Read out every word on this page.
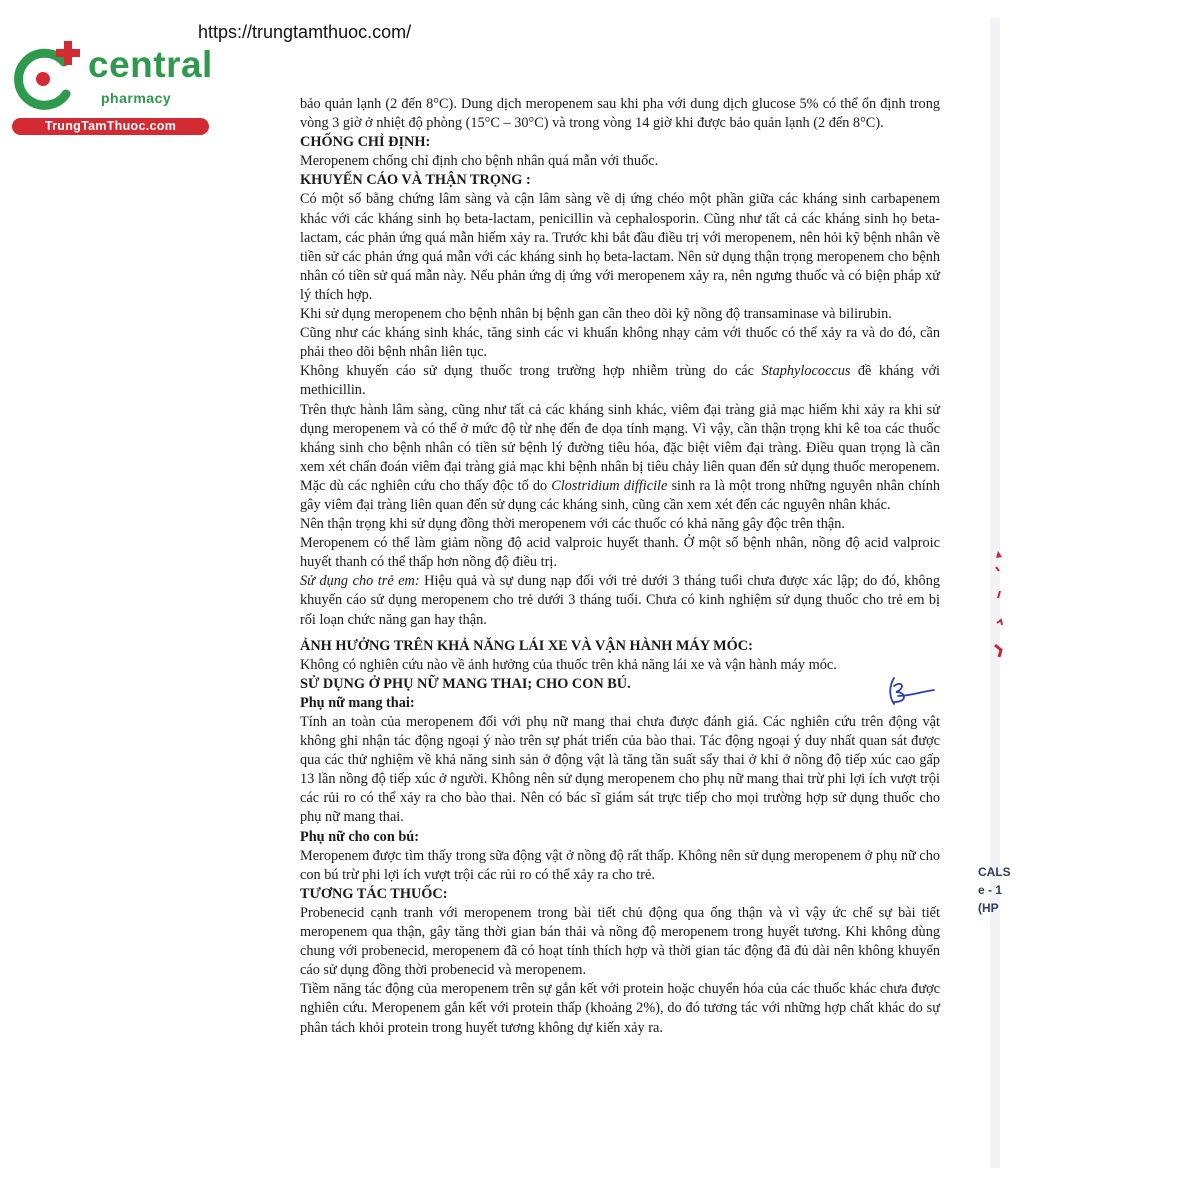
https://trungtamthuoc.com/
central
pharmacy
TrungTamThuoc.com
CALS
e - 1
(HP

bảo quản lạnh (2 đến 8°C). Dung dịch meropenem sau khi pha với dung dịch glucose 5% có thể ổn định trong vòng 3 giờ ở nhiệt độ phòng (15°C – 30°C) và trong vòng 14 giờ khi được bảo quản lạnh (2 đến 8°C).

CHỐNG CHỈ ĐỊNH:

Meropenem chống chỉ định cho bệnh nhân quá mẫn với thuốc.

KHUYẾN CÁO VÀ THẬN TRỌNG :

Có một số bằng chứng lâm sàng và cận lâm sàng về dị ứng chéo một phần giữa các kháng sinh carbapenem khác với các kháng sinh họ beta-lactam, penicillin và cephalosporin. Cũng như tất cả các kháng sinh họ beta-lactam, các phản ứng quá mẫn hiếm xảy ra. Trước khi bắt đầu điều trị với meropenem, nên hỏi kỹ bệnh nhân về tiền sử các phản ứng quá mẫn với các kháng sinh họ beta-lactam. Nên sử dụng thận trọng meropenem cho bệnh nhân có tiền sử quá mẫn này. Nếu phản ứng dị ứng với meropenem xảy ra, nên ngưng thuốc và có biện pháp xử lý thích hợp.

Khi sử dụng meropenem cho bệnh nhân bị bệnh gan cần theo dõi kỹ nồng độ transaminase và bilirubin.

Cũng như các kháng sinh khác, tăng sinh các vi khuẩn không nhạy cảm với thuốc có thể xảy ra và do đó, cần phải theo dõi bệnh nhân liên tục.

Không khuyến cáo sử dụng thuốc trong trường hợp nhiễm trùng do các Staphylococcus đề kháng với methicillin.

Trên thực hành lâm sàng, cũng như tất cả các kháng sinh khác, viêm đại tràng giả mạc hiếm khi xảy ra khi sử dụng meropenem và có thể ở mức độ từ nhẹ đến đe dọa tính mạng. Vì vậy, cần thận trọng khi kê toa các thuốc kháng sinh cho bệnh nhân có tiền sử bệnh lý đường tiêu hóa, đặc biệt viêm đại tràng. Điều quan trọng là cần xem xét chẩn đoán viêm đại tràng giả mạc khi bệnh nhân bị tiêu chảy liên quan đến sử dụng thuốc meropenem. Mặc dù các nghiên cứu cho thấy độc tố do Clostridium difficile sinh ra là một trong những nguyên nhân chính gây viêm đại tràng liên quan đến sử dụng các kháng sinh, cũng cần xem xét đến các nguyên nhân khác.

Nên thận trọng khi sử dụng đồng thời meropenem với các thuốc có khả năng gây độc trên thận.

Meropenem có thể làm giảm nồng độ acid valproic huyết thanh. Ở một số bệnh nhân, nồng độ acid valproic huyết thanh có thể thấp hơn nồng độ điều trị.

Sử dụng cho trẻ em: Hiệu quả và sự dung nạp đối với trẻ dưới 3 tháng tuổi chưa được xác lập; do đó, không khuyến cáo sử dụng meropenem cho trẻ dưới 3 tháng tuổi. Chưa có kinh nghiệm sử dụng thuốc cho trẻ em bị rối loạn chức năng gan hay thận.

ẢNH HƯỞNG TRÊN KHẢ NĂNG LÁI XE VÀ VẬN HÀNH MÁY MÓC:

Không có nghiên cứu nào về ảnh hưởng của thuốc trên khả năng lái xe và vận hành máy móc.

SỬ DỤNG Ở PHỤ NỮ MANG THAI; CHO CON BÚ.

Phụ nữ mang thai:

Tính an toàn của meropenem đối với phụ nữ mang thai chưa được đánh giá. Các nghiên cứu trên động vật không ghi nhận tác động ngoại ý nào trên sự phát triển của bào thai. Tác động ngoại ý duy nhất quan sát được qua các thử nghiệm về khả năng sinh sản ở động vật là tăng tần suất sẩy thai ở khỉ ở nồng độ tiếp xúc cao gấp 13 lần nồng độ tiếp xúc ở người. Không nên sử dụng meropenem cho phụ nữ mang thai trừ phi lợi ích vượt trội các rủi ro có thể xảy ra cho bào thai. Nên có bác sĩ giám sát trực tiếp cho mọi trường hợp sử dụng thuốc cho phụ nữ mang thai.

Phụ nữ cho con bú:

Meropenem được tìm thấy trong sữa động vật ở nồng độ rất thấp. Không nên sử dụng meropenem ở phụ nữ cho con bú trừ phi lợi ích vượt trội các rủi ro có thể xảy ra cho trẻ.

TƯƠNG TÁC THUỐC:

Probenecid cạnh tranh với meropenem trong bài tiết chủ động qua ống thận và vì vậy ức chế sự bài tiết meropenem qua thận, gây tăng thời gian bán thải và nồng độ meropenem trong huyết tương. Khi không dùng chung với probenecid, meropenem đã có hoạt tính thích hợp và thời gian tác động đã đủ dài nên không khuyến cáo sử dụng đồng thời probenecid và meropenem.

Tiềm năng tác động của meropenem trên sự gắn kết với protein hoặc chuyển hóa của các thuốc khác chưa được nghiên cứu. Meropenem gắn kết với protein thấp (khoảng 2%), do đó tương tác với những hợp chất khác do sự phân tách khỏi protein trong huyết tương không dự kiến xảy ra.
